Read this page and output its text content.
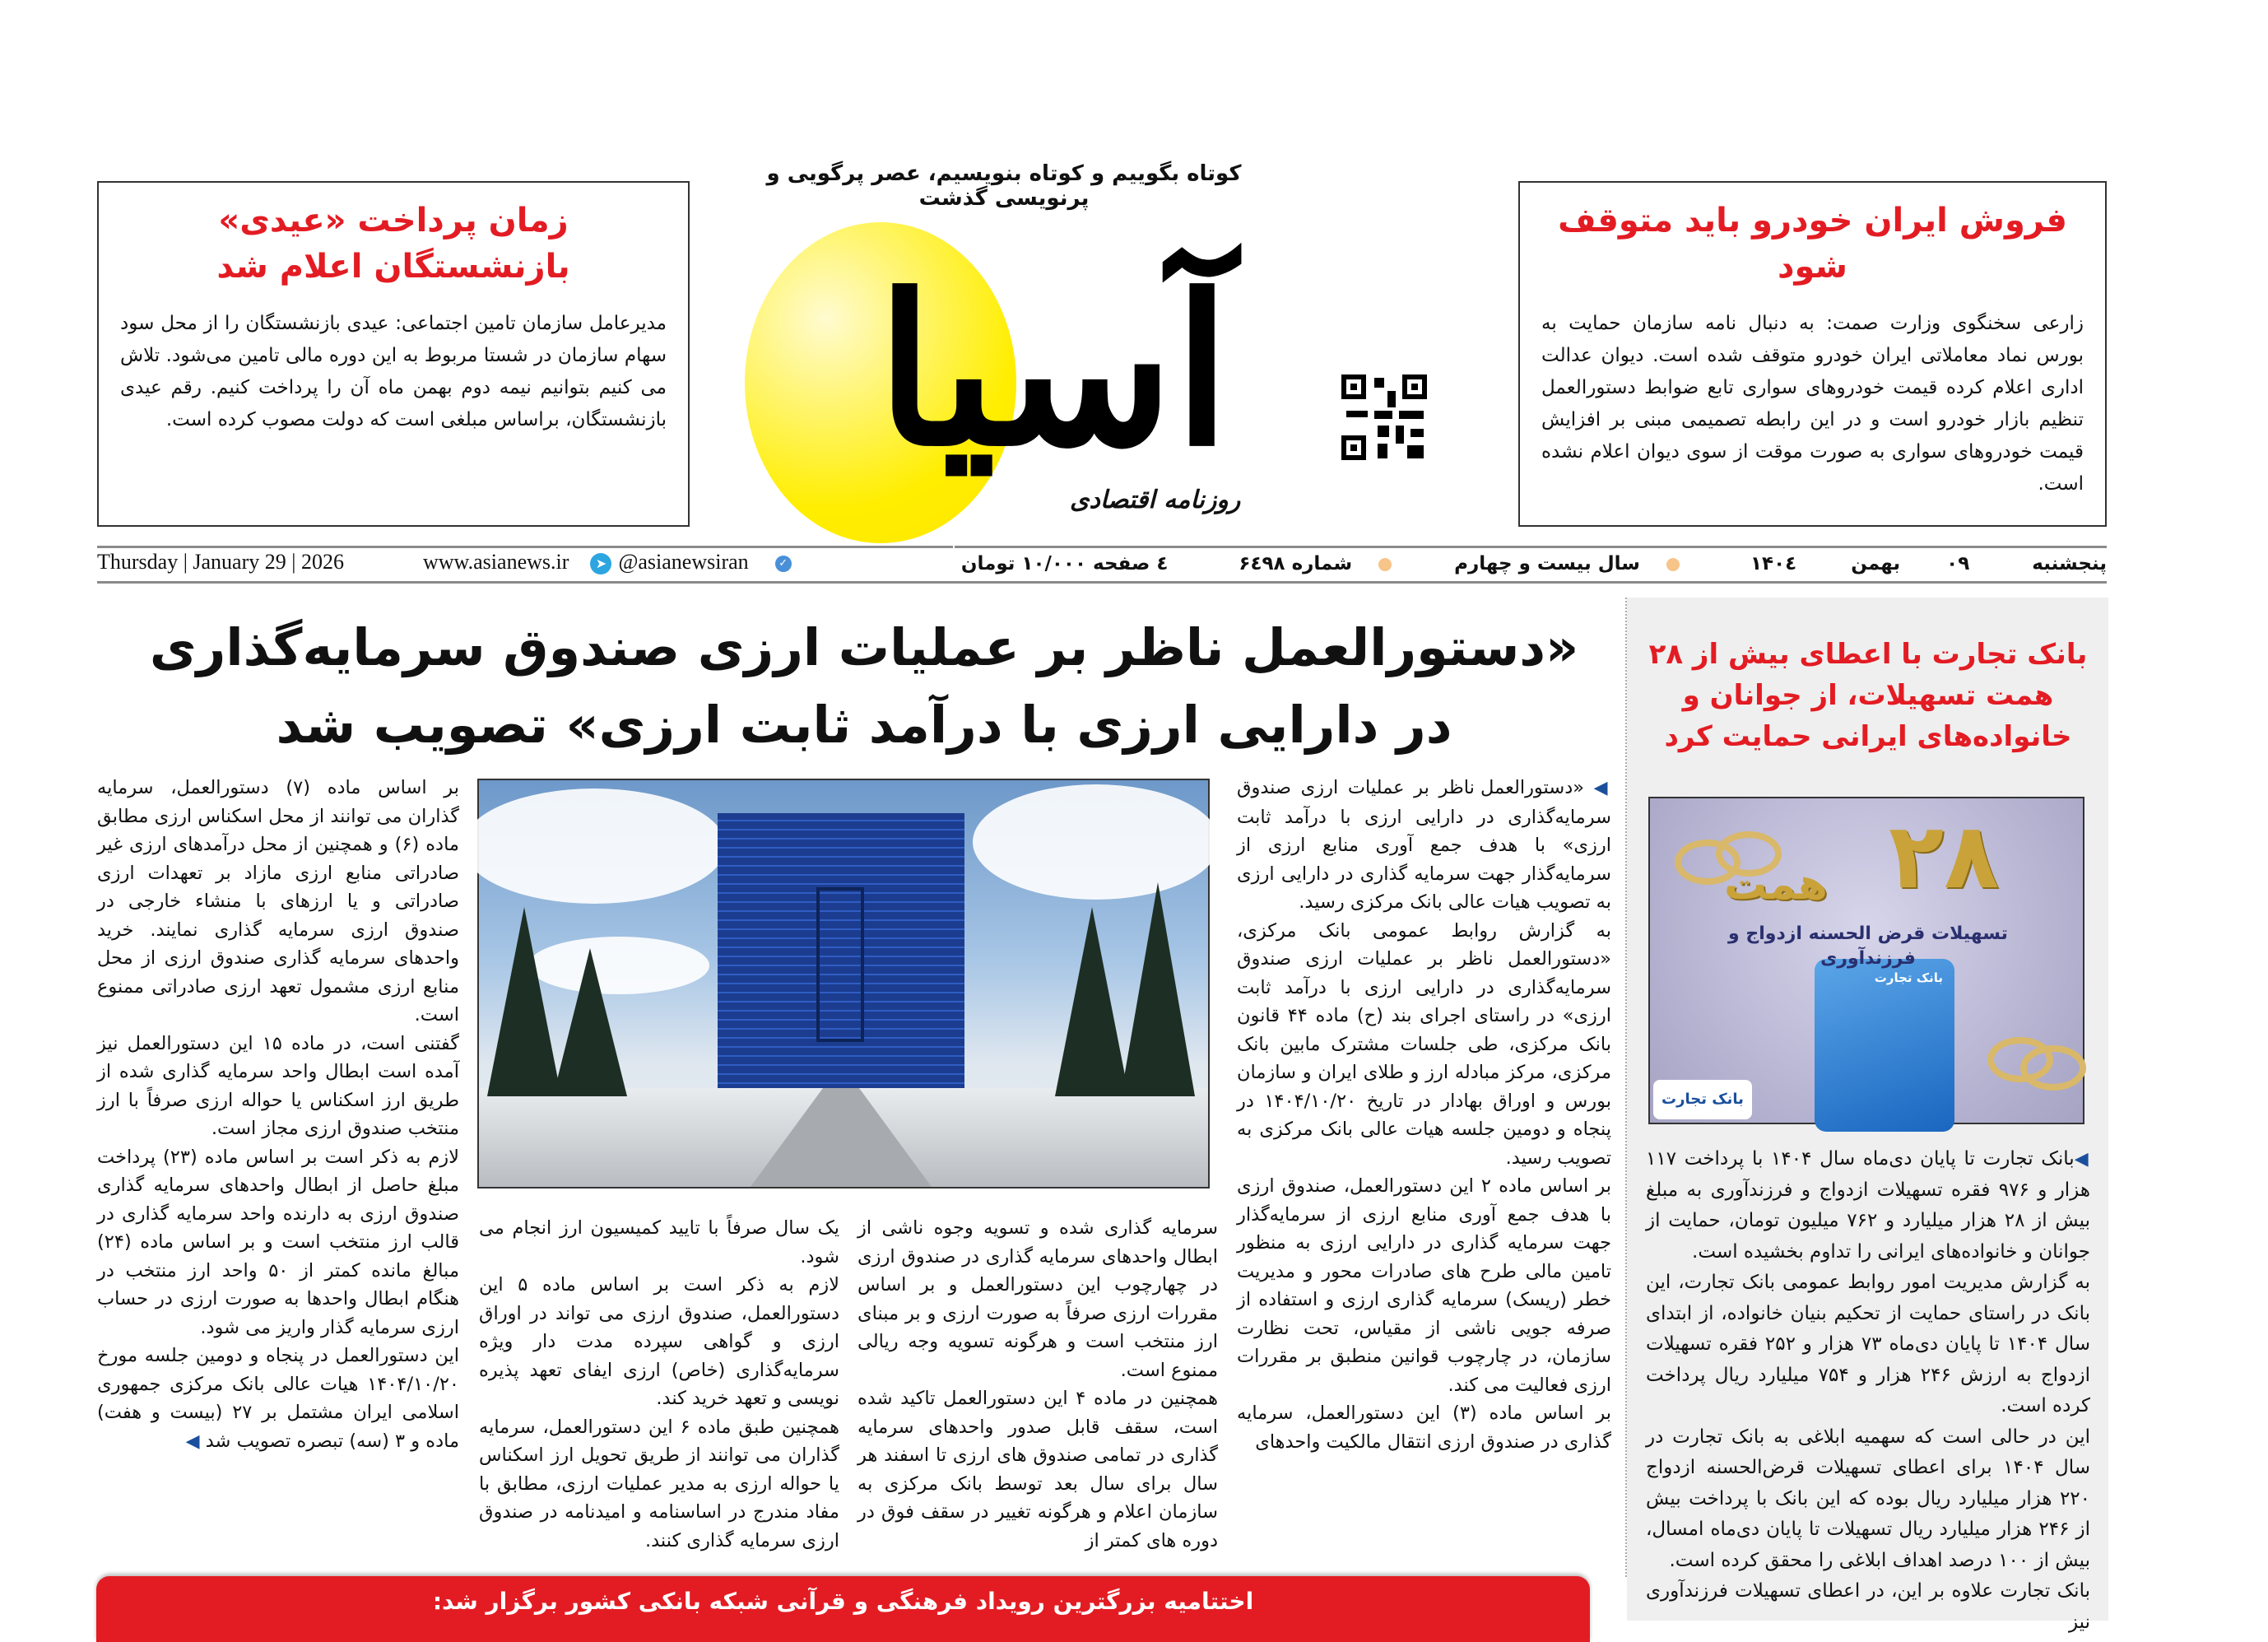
زمان پرداخت «عیدی» بازنشستگان اعلام شد

مدیرعامل سازمان تامین اجتماعی: عیدی بازنشستگان را از محل سود سهام سازمان در شستا مربوط به این دوره مالی تامین می‌شود. تلاش می کنیم بتوانیم نیمه دوم بهمن ماه آن را پرداخت کنیم. رقم عیدی بازنشستگان، براساس مبلغی است که دولت مصوب کرده است.

فروش ایران خودرو باید متوقف شود

زارعی سخنگوی وزارت صمت: به دنبال نامه سازمان حمایت به بورس نماد معاملاتی ایران خودرو متوقف شده است. دیوان عدالت اداری اعلام کرده قیمت خودروهای سواری تابع ضوابط دستورالعمل تنظیم بازار خودرو است و در این رابطه تصمیمی مبنی بر افزایش قیمت خودروهای سواری به صورت موقت از سوی دیوان اعلام نشده است.

کوتاه بگوییم و کوتاه بنویسیم، عصر پرگویی و پرنویسی گذشت
آسیا
روزنامه اقتصادی
پنجشنبه  ۰۹  بهمن  ۱۴۰٤    سال بیست و چهارم    شماره ۶٤۹۸  ٤ صفحه ۱۰/۰۰۰ تومان
Thursday | January 29 | 2026	www.asianews.ir ➤ @asianewsiran	✓
«دستورالعمل ناظر بر عملیات ارزی صندوق سرمایه‌گذاری
در دارایی ارزی با درآمد ثابت ارزی» تصویب شد

◀ «دستورالعمل ناظر بر عملیات ارزی صندوق سرمایه‌گذاری در دارایی ارزی با درآمد ثابت ارزی» با هدف جمع آوری منابع ارزی از سرمایه‌گذار جهت سرمایه گذاری در دارایی ارزی به تصویب هیات عالی بانک مرکزی رسید.

به گزارش روابط عمومی بانک مرکزی، «دستورالعمل ناظر بر عملیات ارزی صندوق سرمایه‌گذاری در دارایی ارزی با درآمد ثابت ارزی» در راستای اجرای بند (ح) ماده ۴۴ قانون بانک مرکزی، طی جلسات مشترک مابین بانک مرکزی، مرکز مبادله ارز و طلای ایران و سازمان بورس و اوراق بهادار در تاریخ ۱۴۰۴/۱۰/۲۰ در پنجاه و دومین جلسه هیات عالی بانک مرکزی به تصویب رسید.

بر اساس ماده ۲ این دستورالعمل، صندوق ارزی با هدف جمع آوری منابع ارزی از سرمایه‌گذار جهت سرمایه گذاری در دارایی ارزی به منظور تامین مالی طرح های صادرات محور و مدیریت خطر (ریسک) سرمایه گذاری ارزی و استفاده از صرفه جویی ناشی از مقیاس، تحت نظارت سازمان، در چارچوب قوانین منطبق بر مقررات ارزی فعالیت می کند.

بر اساس ماده (۳) این دستورالعمل، سرمایه گذاری در صندوق ارزی انتقال مالکیت واحدهای

سرمایه گذاری شده و تسویه وجوه ناشی از ابطال واحدهای سرمایه گذاری در صندوق ارزی در چهارچوب این دستورالعمل و بر اساس مقررات ارزی صرفاً به صورت ارزی و بر مبنای ارز منتخب است و هرگونه تسویه وجه ریالی ممنوع است.

همچنین در ماده ۴ این دستورالعمل تاکید شده است، سقف قابل صدور واحدهای سرمایه گذاری در تمامی صندوق های ارزی تا اسفند هر سال برای سال بعد توسط بانک مرکزی به سازمان اعلام و هرگونه تغییر در سقف فوق در دوره های کمتر از

یک سال صرفاً با تایید کمیسیون ارز انجام می شود.

لازم به ذکر است بر اساس ماده ۵ این دستورالعمل، صندوق ارزی می تواند در اوراق ارزی و گواهی سپرده مدت دار ویژه سرمایه‌گذاری (خاص) ارزی ایفای تعهد پذیره نویسی و تعهد خرید کند.

همچنین طبق ماده ۶ این دستورالعمل، سرمایه گذاران می توانند از طریق تحویل ارز اسکناس یا حواله ارزی به مدیر عملیات ارزی، مطابق با مفاد مندرج در اساسنامه و امیدنامه در صندوق ارزی سرمایه گذاری کنند.

بر اساس ماده (۷) دستورالعمل، سرمایه گذاران می توانند از محل اسکناس ارزی مطابق ماده (۶) و همچنین از محل درآمدهای ارزی غیر صادراتی منابع ارزی مازاد بر تعهدات ارزی صادراتی و یا ارزهای با منشاء خارجی در صندوق ارزی سرمایه گذاری نمایند. خرید واحدهای سرمایه گذاری صندوق ارزی از محل منابع ارزی مشمول تعهد ارزی صادراتی ممنوع است.

گفتنی است، در ماده ۱۵ این دستورالعمل نیز آمده است ابطال واحد سرمایه گذاری شده از طریق ارز اسکناس یا حواله ارزی صرفاً با ارز منتخب صندوق ارزی مجاز است.

لازم به ذکر است بر اساس ماده (۲۳) پرداخت مبلغ حاصل از ابطال واحدهای سرمایه گذاری صندوق ارزی به دارنده واحد سرمایه گذاری در قالب ارز منتخب است و بر اساس ماده (۲۴) مبالغ مانده کمتر از ۵۰ واحد ارز منتخب در هنگام ابطال واحدها به صورت ارزی در حساب ارزی سرمایه گذار واریز می شود.

این دستورالعمل در پنجاه و دومین جلسه مورخ ۱۴۰۴/۱۰/۲۰ هیات عالی بانک مرکزی جمهوری اسلامی ایران مشتمل بر ۲۷ (بیست و هفت) ماده و ۳ (سه) تبصره تصویب شد ◀

بانک تجارت با اعطای بیش از ۲۸ همت تسهیلات، از جوانان و خانواده‌های ایرانی حمایت کرد
۲۸
همت
بانک تجارت
تسهیلات قرض الحسنه ازدواج و فرزندآوری
بانک تجارت

◀بانک تجارت تا پایان دی‌ماه سال ۱۴۰۴ با پرداخت ۱۱۷ هزار و ۹۷۶ فقره تسهیلات ازدواج و فرزندآوری به مبلغ بیش از ۲۸ هزار میلیارد و ۷۶۲ میلیون تومان، حمایت از جوانان و خانواده‌های ایرانی را تداوم بخشیده است.

به گزارش مدیریت امور روابط عمومی بانک تجارت، این بانک در راستای حمایت از تحکیم بنیان خانواده، از ابتدای سال ۱۴۰۴ تا پایان دی‌ماه ۷۳ هزار و ۲۵۲ فقره تسهیلات ازدواج به ارزش ۲۴۶ هزار و ۷۵۴ میلیارد ریال پرداخت کرده است.

این در حالی است که سهمیه ابلاغی به بانک تجارت در سال ۱۴۰۴ برای اعطای تسهیلات قرض‌الحسنه ازدواج ۲۲۰ هزار میلیارد ریال بوده که این بانک با پرداخت بیش از ۲۴۶ هزار میلیارد ریال تسهیلات تا پایان دی‌ماه امسال، بیش از ۱۰۰ درصد اهداف ابلاغی را محقق کرده است.

بانک تجارت علاوه بر این، در اعطای تسهیلات فرزندآوری نیز

اختتامیه بزرگترین رویداد فرهنگی و قرآنی شبکه بانکی کشور برگزار شد:
